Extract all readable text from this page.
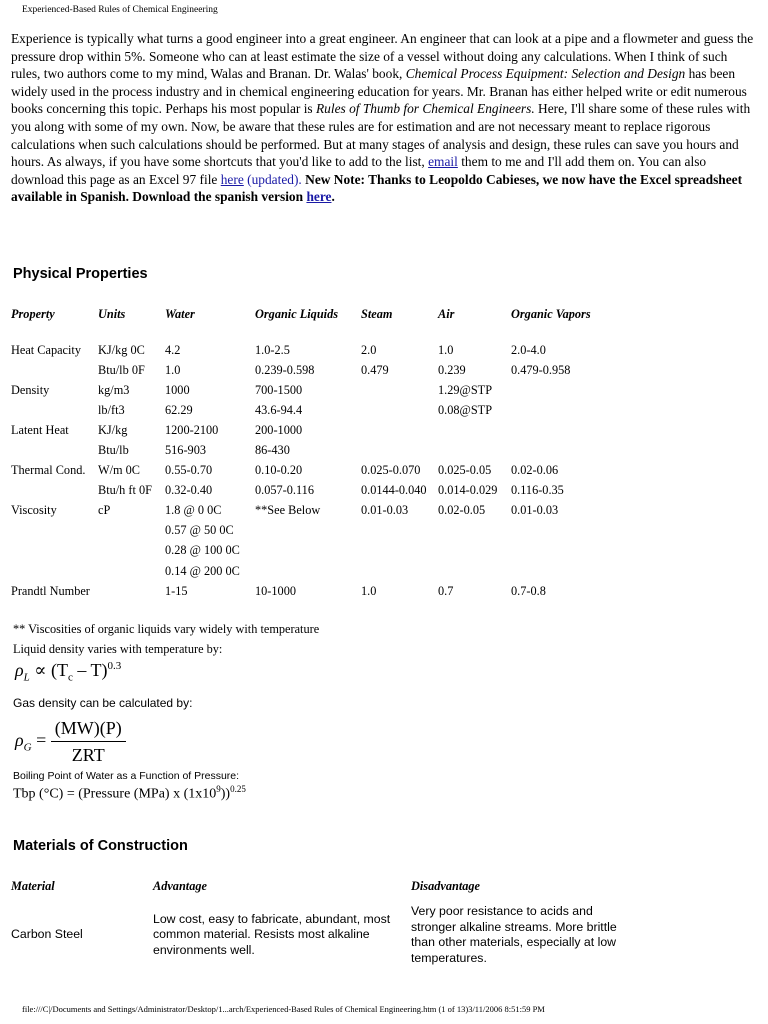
Experienced-Based Rules of Chemical Engineering
Experience is typically what turns a good engineer into a great engineer. An engineer that can look at a pipe and a flowmeter and guess the pressure drop within 5%. Someone who can at least estimate the size of a vessel without doing any calculations. When I think of such rules, two authors come to my mind, Walas and Branan. Dr. Walas' book, Chemical Process Equipment: Selection and Design has been widely used in the process industry and in chemical engineering education for years. Mr. Branan has either helped write or edit numerous books concerning this topic. Perhaps his most popular is Rules of Thumb for Chemical Engineers. Here, I'll share some of these rules with you along with some of my own. Now, be aware that these rules are for estimation and are not necessary meant to replace rigorous calculations when such calculations should be performed. But at many stages of analysis and design, these rules can save you hours and hours. As always, if you have some shortcuts that you'd like to add to the list, email them to me and I'll add them on. You can also download this page as an Excel 97 file here (updated). New Note: Thanks to Leopoldo Cabieses, we now have the Excel spreadsheet available in Spanish. Download the spanish version here.
Physical Properties
Property	Units	Water	Organic Liquids	Steam	Air	Organic Vapors

Heat Capacity	KJ/kg 0C	4.2	1.0-2.5	2.0	1.0	2.0-4.0
	Btu/lb 0F	1.0	0.239-0.598	0.479	0.239	0.479-0.958
Density	kg/m3	1000	700-1500		1.29@STP	
	lb/ft3	62.29	43.6-94.4		0.08@STP	
Latent Heat	KJ/kg	1200-2100	200-1000			
	Btu/lb	516-903	86-430			
Thermal Cond.	W/m 0C	0.55-0.70	0.10-0.20	0.025-0.070	0.025-0.05	0.02-0.06
	Btu/h ft 0F	0.32-0.40	0.057-0.116	0.0144-0.040	0.014-0.029	0.116-0.35
Viscosity	cP	1.8 @ 0 0C	**See Below	0.01-0.03	0.02-0.05	0.01-0.03
		0.57 @ 50 0C				
		0.28 @ 100 0C				
		0.14 @ 200 0C				
Prandtl Number		1-15	10-1000	1.0	0.7	0.7-0.8
** Viscosities of organic liquids vary widely with temperature
Liquid density varies with temperature by:
$\rho_L \propto (T_c - T)^{0.3}$
Gas density can be calculated by:
$\rho_G = \frac{(MW)(P)}{\text{ZRT}}$
Boiling Point of Water as a Function of Pressure:
Tbp (°C) = (Pressure (MPa) x $(1x10^9))^{0.25}$
Materials of Construction
Material	Advantage	Disadvantage
Carbon Steel	Low cost, easy to fabricate, abundant, most common material. Resists most alkaline environments well.	Very poor resistance to acids and stronger alkaline streams. More brittle than other materials, especially at low temperatures.
file:///C|/Documents and Settings/Administrator/Desktop/1...arch/Experienced-Based Rules of Chemical Engineering.htm (1 of 13)3/11/2006 8:51:59 PM
